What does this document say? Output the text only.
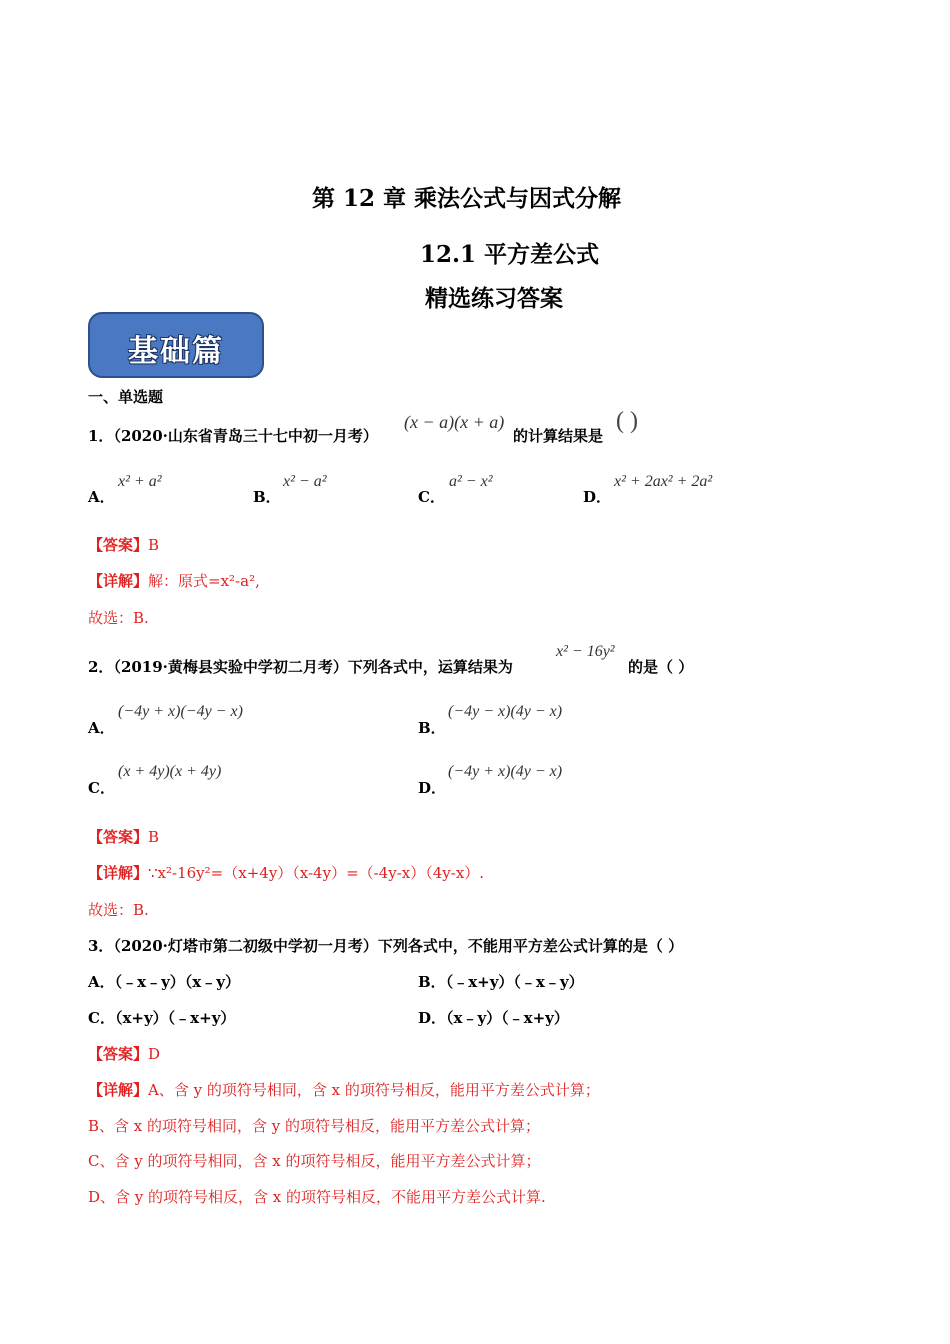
第 12 章 乘法公式与因式分解
12.1 平方差公式
精选练习答案
基础篇
一、单选题
1．（2020·山东省青岛三十七中初一月考）
(x − a)(x + a)
的计算结果是
( )
A．
x² + a²
B．
x² − a²
C．
a² − x²
D．
x² + 2ax² + 2a²
【答案】B
【详解】解：原式=x²-a²,
故选：B.
2．（2019·黄梅县实验中学初二月考）下列各式中，运算结果为
x² − 16y²
的是（ ）
A．
(−4y + x)(−4y − x)
B．
(−4y − x)(4y − x)
C．
(x + 4y)(x + 4y)
D．
(−4y + x)(4y − x)
【答案】B
【详解】∵x²-16y²=（x+4y）（x-4y）=（-4y-x）（4y-x）.
故选：B.
3．（2020·灯塔市第二初级中学初一月考）下列各式中，不能用平方差公式计算的是（ ）
A．（﹣x﹣y）（x﹣y）	B．（﹣x+y）（﹣x﹣y）
C．（x+y）（﹣x+y）	D．（x﹣y）（﹣x+y）
【答案】D
【详解】A、含 y 的项符号相同，含 x 的项符号相反，能用平方差公式计算；
B、含 x 的项符号相同，含 y 的项符号相反，能用平方差公式计算；
C、含 y 的项符号相同，含 x 的项符号相反，能用平方差公式计算；
D、含 y 的项符号相反，含 x 的项符号相反，不能用平方差公式计算.
